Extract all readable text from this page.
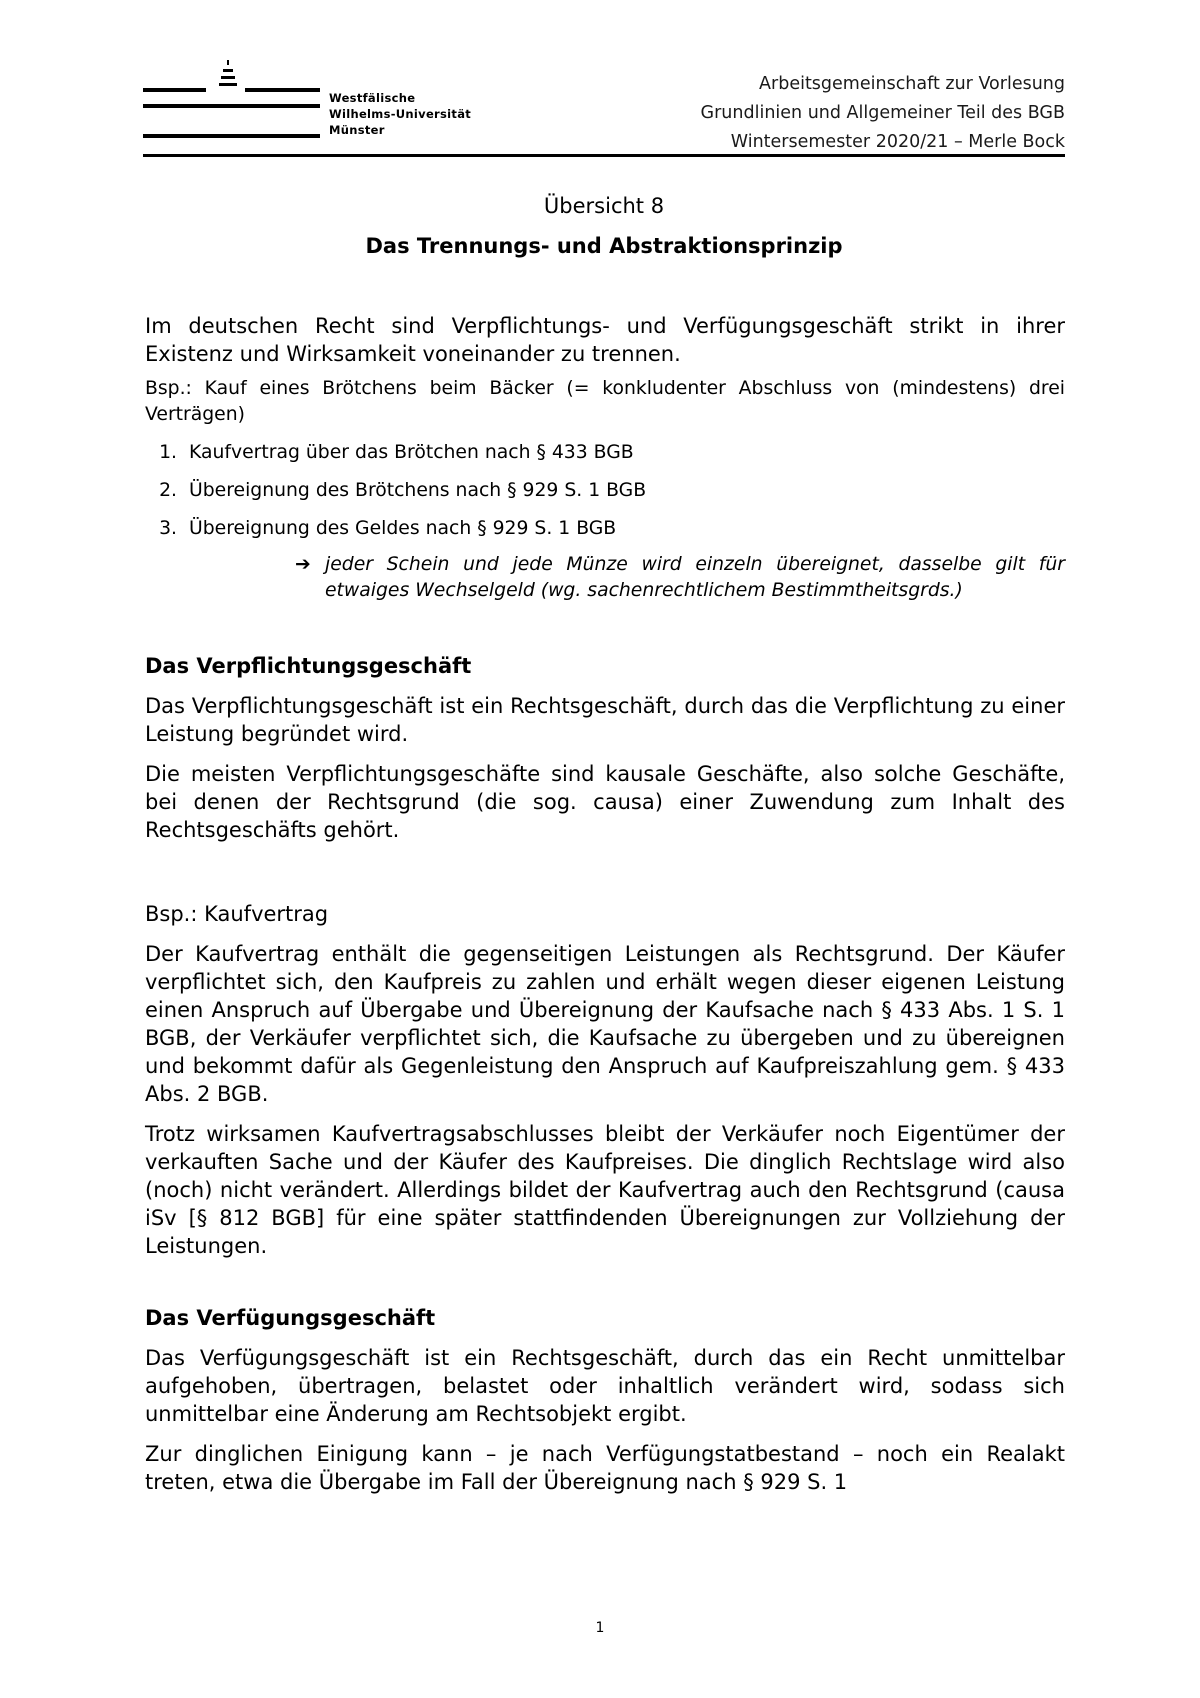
Westfälische
Wilhelms-Universität
Münster
Arbeitsgemeinschaft zur Vorlesung
Grundlinien und Allgemeiner Teil des BGB
Wintersemester 2020/21 – Merle Bock
Übersicht 8
Das Trennungs- und Abstraktionsprinzip

Im deutschen Recht sind Verpflichtungs- und Verfügungsgeschäft strikt in ihrer Existenz und Wirksamkeit voneinander zu trennen.

Bsp.: Kauf eines Brötchens beim Bäcker (= konkludenter Abschluss von (mindestens) drei Verträgen)

1. Kaufvertrag über das Brötchen nach § 433 BGB
2. Übereignung des Brötchens nach § 929 S. 1 BGB
3. Übereignung des Geldes nach § 929 S. 1 BGB
➔ jeder Schein und jede Münze wird einzeln übereignet, dasselbe gilt für etwaiges Wechselgeld (wg. sachenrechtlichem Bestimmtheitsgrds.)
Das Verpflichtungsgeschäft

Das Verpflichtungsgeschäft ist ein Rechtsgeschäft, durch das die Verpflichtung zu einer Leistung begründet wird.

Die meisten Verpflichtungsgeschäfte sind kausale Geschäfte, also solche Geschäfte, bei denen der Rechtsgrund (die sog. causa) einer Zuwendung zum Inhalt des Rechtsgeschäfts gehört.

Bsp.: Kaufvertrag

Der Kaufvertrag enthält die gegenseitigen Leistungen als Rechtsgrund. Der Käufer verpflichtet sich, den Kaufpreis zu zahlen und erhält wegen dieser eigenen Leistung einen Anspruch auf Übergabe und Übereignung der Kaufsache nach § 433 Abs. 1 S. 1 BGB, der Verkäufer verpflichtet sich, die Kaufsache zu übergeben und zu übereignen und bekommt dafür als Gegenleistung den Anspruch auf Kaufpreiszahlung gem. § 433 Abs. 2 BGB.

Trotz wirksamen Kaufvertragsabschlusses bleibt der Verkäufer noch Eigentümer der verkauften Sache und der Käufer des Kaufpreises. Die dinglich Rechtslage wird also (noch) nicht verändert. Allerdings bildet der Kaufvertrag auch den Rechtsgrund (causa iSv [§ 812 BGB] für eine später stattfindenden Übereignungen zur Vollziehung der Leistungen.

Das Verfügungsgeschäft

Das Verfügungsgeschäft ist ein Rechtsgeschäft, durch das ein Recht unmittelbar aufgehoben, übertragen, belastet oder inhaltlich verändert wird, sodass sich unmittelbar eine Änderung am Rechtsobjekt ergibt.

Zur dinglichen Einigung kann – je nach Verfügungstatbestand – noch ein Realakt treten, etwa die Übergabe im Fall der Übereignung nach § 929 S. 1

1
